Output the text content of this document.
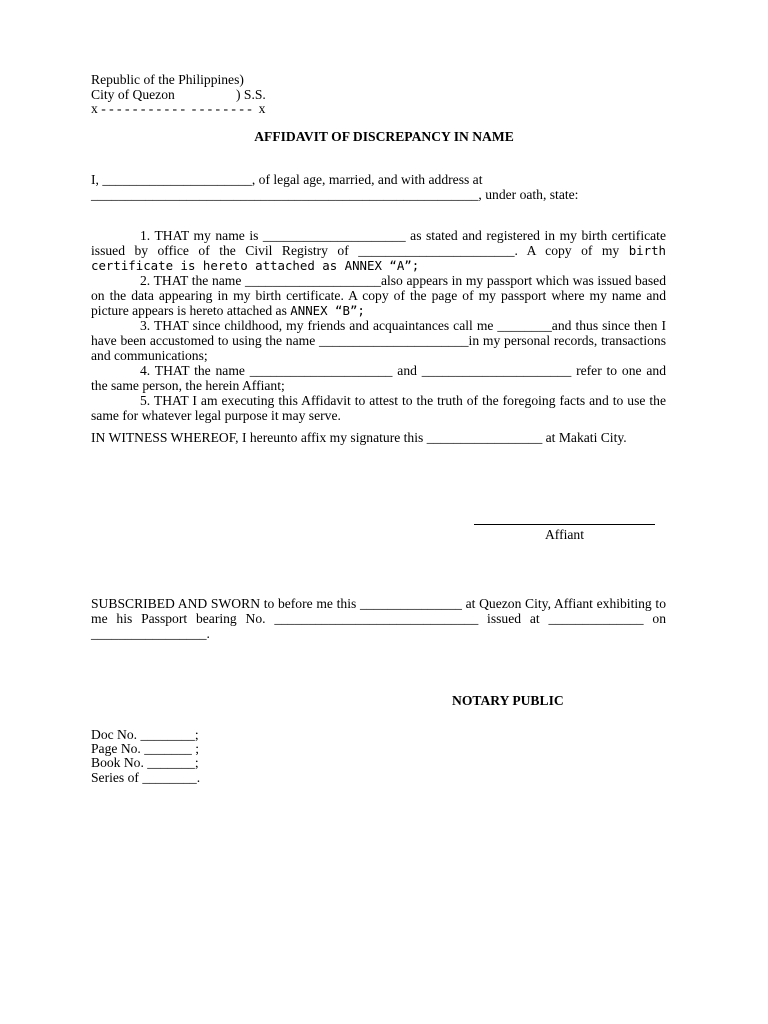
Republic of the Philippines)

City of Quezon                  ) S.S.

x - - - - - - - - - - -  - - - - - - - -  x

AFFIDAVIT OF DISCREPANCY IN NAME

I, ______________________, of legal age, married, and with address at

_________________________________________________________, under oath, state:

1. THAT my name is _____________________ as stated and registered in my birth certificate issued by office of the Civil Registry of _______________________. A copy of my birth certificate is hereto attached as ANNEX “A”;

2. THAT the name ____________________also appears in my passport which was issued based on the data appearing in my birth certificate. A copy of the page of my passport where my name and picture appears is hereto attached as ANNEX “B”;

3. THAT since childhood, my friends and acquaintances call me ________and thus since then I have been accustomed to using the name ______________________in my personal records, transactions and communications;

4. THAT the name _____________________ and ______________________ refer to one and the same person, the herein Affiant;

5. THAT I am executing this Affidavit to attest to the truth of the foregoing facts and to use the same for whatever legal purpose it may serve.

IN WITNESS WHEREOF, I hereunto affix my signature this _________________ at Makati City.

Affiant

SUBSCRIBED AND SWORN to before me this _______________ at Quezon City, Affiant exhibiting to me his Passport bearing No. ______________________________ issued at ______________ on _________________.

NOTARY PUBLIC

Doc No. ________;

Page No. _______ ;

Book No. _______;

Series of ________.
